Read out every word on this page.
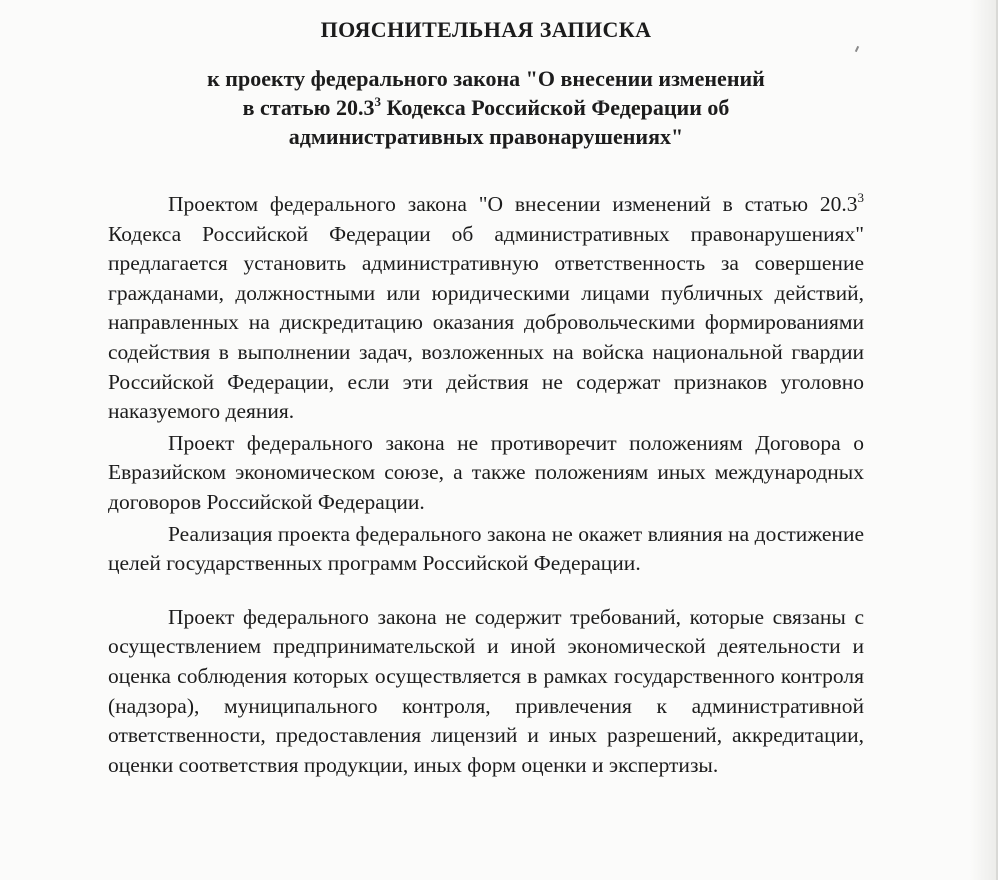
ПОЯСНИТЕЛЬНАЯ ЗАПИСКА
к проекту федерального закона "О внесении изменений
в статью 20.3$^3$ Кодекса Российской Федерации об
административных правонарушениях"

Проектом федерального закона "О внесении изменений в статью 20.3$^3$ Кодекса Российской Федерации об административных правонарушениях" предлагается установить административную ответственность за совершение гражданами, должностными или юридическими лицами публичных действий, направленных на дискредитацию оказания добровольческими формированиями содействия в выполнении задач, возложенных на войска национальной гвардии Российской Федерации, если эти действия не содержат признаков уголовно наказуемого деяния.

Проект федерального закона не противоречит положениям Договора о Евразийском экономическом союзе, а также положениям иных международных договоров Российской Федерации.

Реализация проекта федерального закона не окажет влияния на достижение целей государственных программ Российской Федерации.

Проект федерального закона не содержит требований, которые связаны с осуществлением предпринимательской и иной экономической деятельности и оценка соблюдения которых осуществляется в рамках государственного контроля (надзора), муниципального контроля, привлечения к административной ответственности, предоставления лицензий и иных разрешений, аккредитации, оценки соответствия продукции, иных форм оценки и экспертизы.
